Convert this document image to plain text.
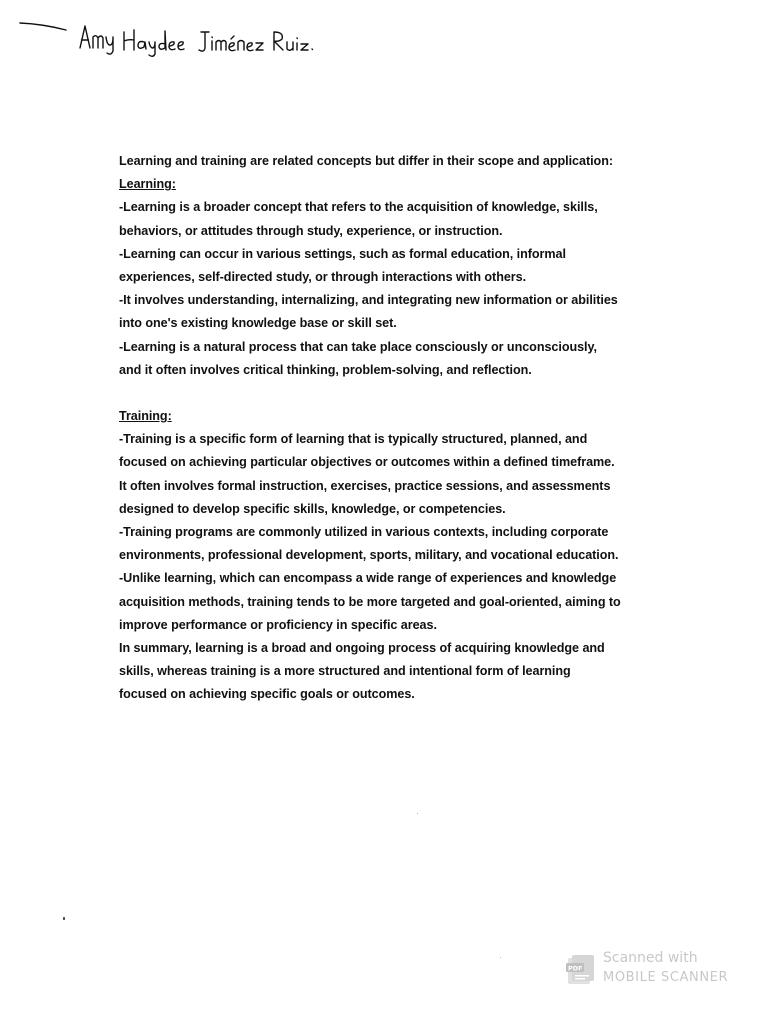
Learning and training are related concepts but differ in their scope and application:

Learning:

-Learning is a broader concept that refers to the acquisition of knowledge, skills,

behaviors, or attitudes through study, experience, or instruction.

-Learning can occur in various settings, such as formal education, informal

experiences, self-directed study, or through interactions with others.

-It involves understanding, internalizing, and integrating new information or abilities

into one's existing knowledge base or skill set.

-Learning is a natural process that can take place consciously or unconsciously,

and it often involves critical thinking, problem-solving, and reflection.

Training:

-Training is a specific form of learning that is typically structured, planned, and

focused on achieving particular objectives or outcomes within a defined timeframe.

It often involves formal instruction, exercises, practice sessions, and assessments

designed to develop specific skills, knowledge, or competencies.

-Training programs are commonly utilized in various contexts, including corporate

environments, professional development, sports, military, and vocational education.

-Unlike learning, which can encompass a wide range of experiences and knowledge

acquisition methods, training tends to be more targeted and goal-oriented, aiming to

improve performance or proficiency in specific areas.

In summary, learning is a broad and ongoing process of acquiring knowledge and

skills, whereas training is a more structured and intentional form of learning

focused on achieving specific goals or outcomes.

PDF
Scanned with
MOBILE SCANNER
